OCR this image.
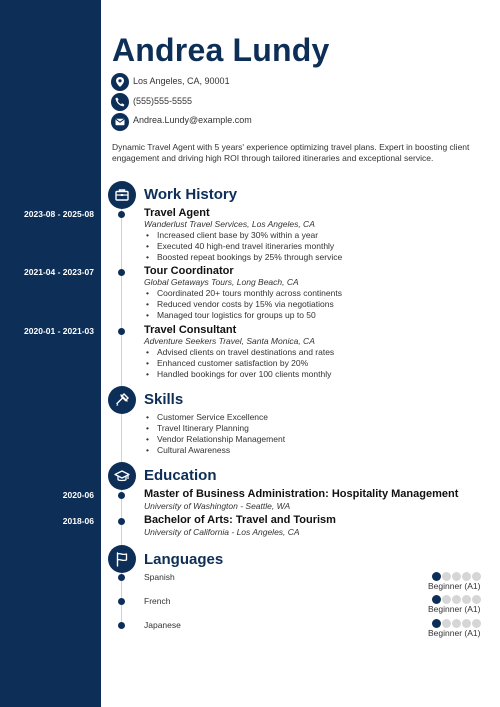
Andrea Lundy
Los Angeles, CA, 90001
(555)555-5555
Andrea.Lundy@example.com
Dynamic Travel Agent with 5 years' experience optimizing travel plans. Expert in boosting client engagement and driving high ROI through tailored itineraries and exceptional service.
Work History
2023-08 - 2025-08	Travel Agent
Wanderlust Travel Services, Los Angeles, CA
• Increased client base by 30% within a year
• Executed 40 high-end travel itineraries monthly
• Boosted repeat bookings by 25% through service
2021-04 - 2023-07	Tour Coordinator
Global Getaways Tours, Long Beach, CA
• Coordinated 20+ tours monthly across continents
• Reduced vendor costs by 15% via negotiations
• Managed tour logistics for groups up to 50
2020-01 - 2021-03	Travel Consultant
Adventure Seekers Travel, Santa Monica, CA
• Advised clients on travel destinations and rates
• Enhanced customer satisfaction by 20%
• Handled bookings for over 100 clients monthly
Skills
• Customer Service Excellence
• Travel Itinerary Planning
• Vendor Relationship Management
• Cultural Awareness
Education
2020-06	Master of Business Administration: Hospitality Management
University of Washington - Seattle, WA
2018-06	Bachelor of Arts: Travel and Tourism
University of California - Los Angeles, CA
Languages
Spanish
Beginner (A1)
French
Beginner (A1)
Japanese
Beginner (A1)
